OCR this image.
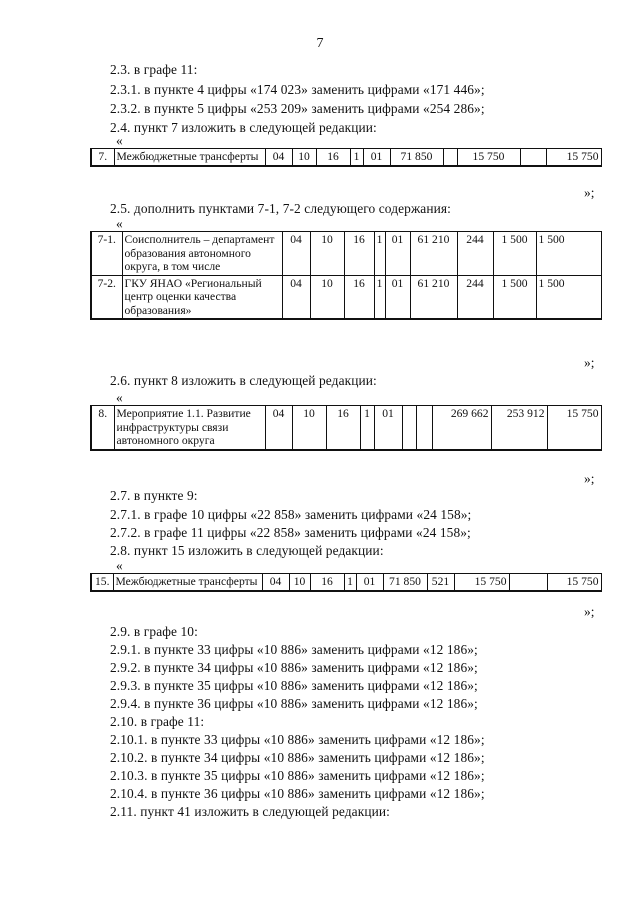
7
2.3. в графе 11:
2.3.1. в пункте 4 цифры «174 023» заменить цифрами «171 446»;
2.3.2. в пункте 5 цифры «253 209» заменить цифрами «254 286»;
2.4. пункт 7 изложить в следующей редакции:
«
7.	Межбюджетные трансферты	04	10	16	1	01	71 850		15 750		15 750
»;
2.5. дополнить пунктами 7-1, 7-2 следующего содержания:
«
7-1.	Соисполнитель – департамент образования автономного округа, в том числе	04	10	16	1	01	61 210	244	1 500	1 500
7-2.	ГКУ ЯНАО «Региональный центр оценки качества образования»	04	10	16	1	01	61 210	244	1 500	1 500
»;
2.6. пункт 8 изложить в следующей редакции:
«
8.	Мероприятие 1.1. Развитие инфраструктуры связи автономного округа	04	10	16	1	01			269 662	253 912	15 750
»;
2.7. в пункте 9:
2.7.1. в графе 10 цифры «22 858» заменить цифрами «24 158»;
2.7.2. в графе 11 цифры «22 858» заменить цифрами «24 158»;
2.8. пункт 15 изложить в следующей редакции:
«
15.	Межбюджетные трансферты	04	10	16	1	01	71 850	521	15 750		15 750
»;
2.9. в графе 10:
2.9.1. в пункте 33 цифры «10 886» заменить цифрами «12 186»;
2.9.2. в пункте 34 цифры «10 886» заменить цифрами «12 186»;
2.9.3. в пункте 35 цифры «10 886» заменить цифрами «12 186»;
2.9.4. в пункте 36 цифры «10 886» заменить цифрами «12 186»;
2.10. в графе 11:
2.10.1. в пункте 33 цифры «10 886» заменить цифрами «12 186»;
2.10.2. в пункте 34 цифры «10 886» заменить цифрами «12 186»;
2.10.3. в пункте 35 цифры «10 886» заменить цифрами «12 186»;
2.10.4. в пункте 36 цифры «10 886» заменить цифрами «12 186»;
2.11. пункт 41 изложить в следующей редакции:
